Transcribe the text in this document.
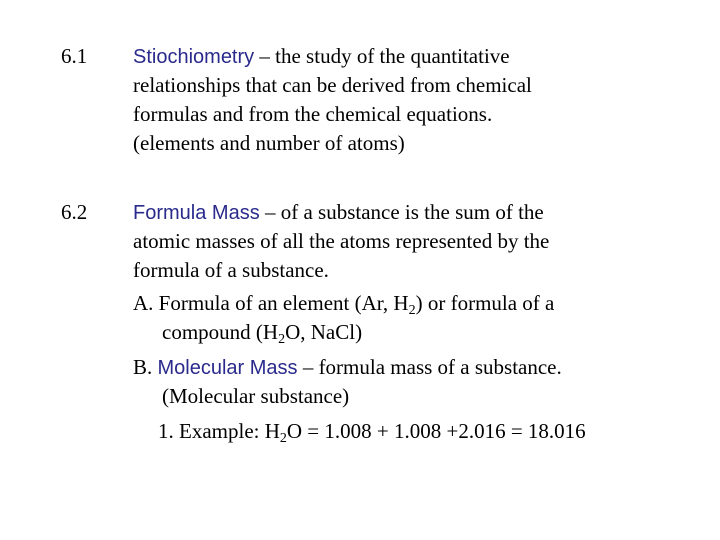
6.1 Stiochiometry – the study of the quantitative
relationships that can be derived from chemical
formulas and from the chemical equations.
(elements and number of atoms)
6.2 Formula Mass – of a substance is the sum of the
atomic masses of all the atoms represented by the
formula of a substance.
A. Formula of an element (Ar, $H_2$) or formula of a
compound ($H_2O$, NaCl)
B. Molecular Mass – formula mass of a substance.
(Molecular substance)
1. Example: $H_2O = 1.008 + 1.008 +2.016 = 18.016$
